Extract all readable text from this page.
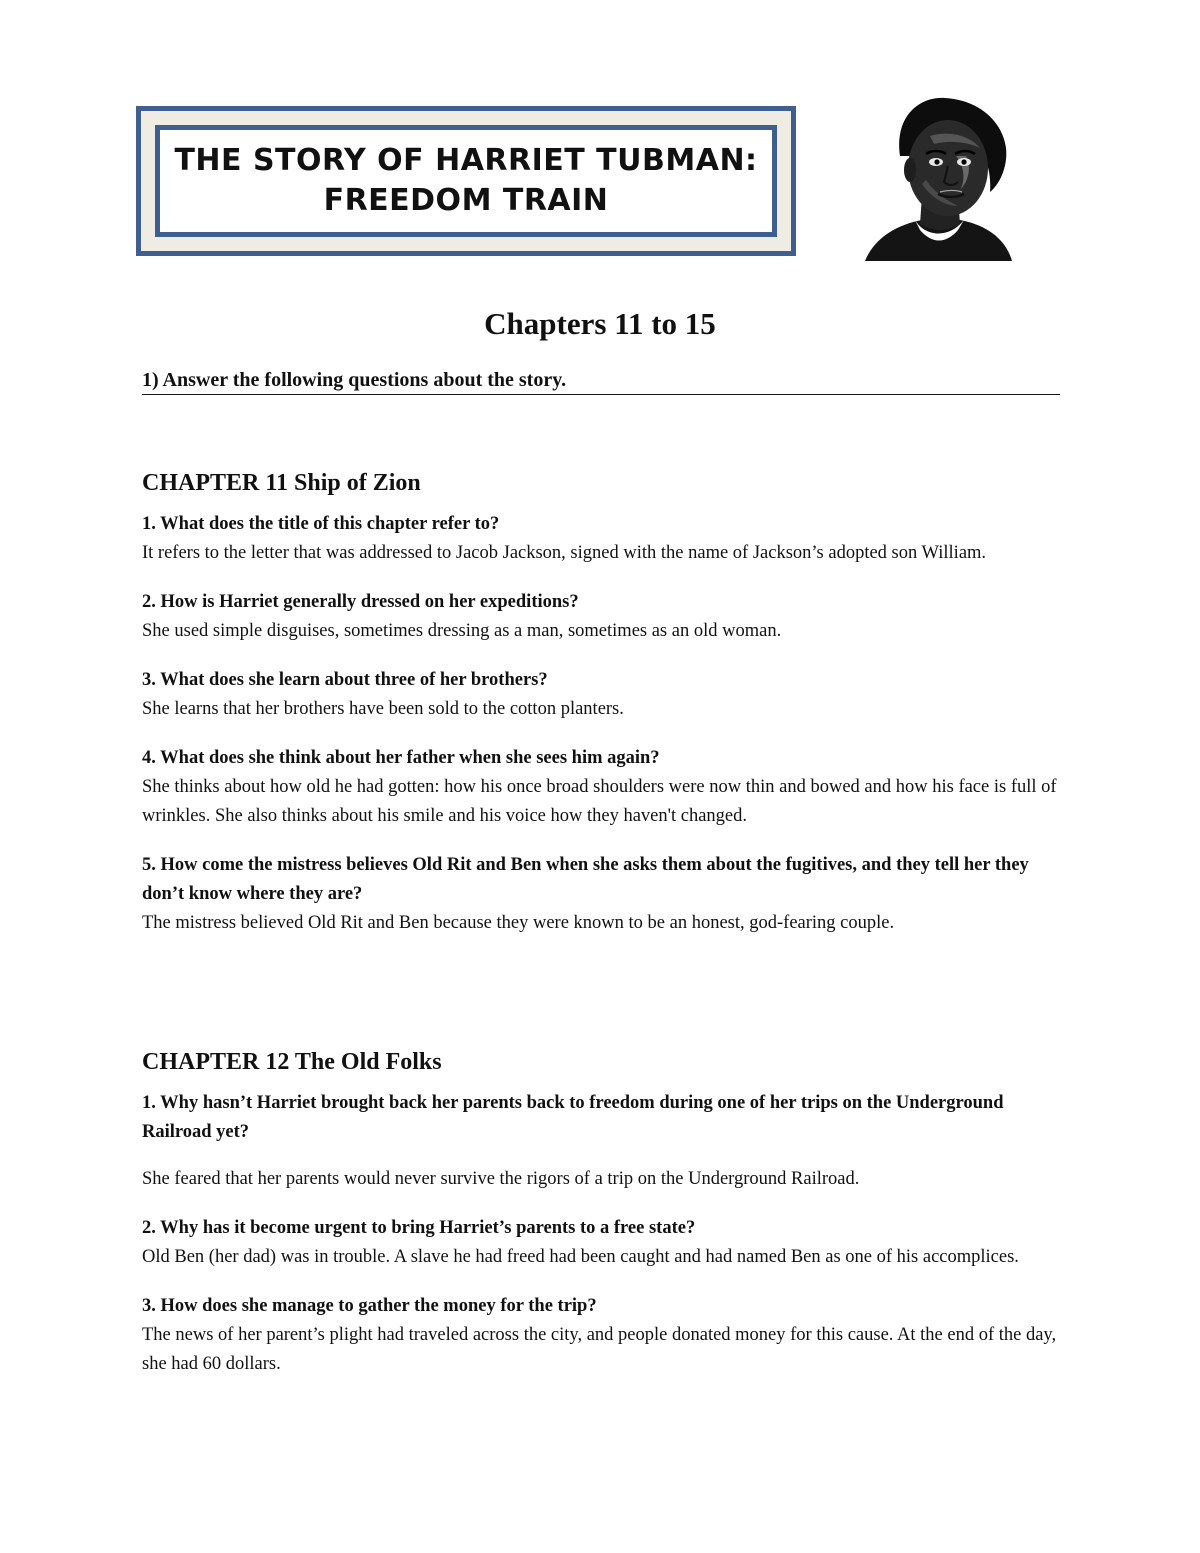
THE STORY OF HARRIET TUBMAN:
FREEDOM TRAIN
Chapters 11 to 15
1) Answer the following questions about the story.
CHAPTER 11 Ship of Zion
1. What does the title of this chapter refer to?
It refers to the letter that was addressed to Jacob Jackson, signed with the name of Jackson’s adopted son William.
2. How is Harriet generally dressed on her expeditions?
She used simple disguises, sometimes dressing as a man, sometimes as an old woman.
3. What does she learn about three of her brothers?
She learns that her brothers have been sold to the cotton planters.
4. What does she think about her father when she sees him again?
She thinks about how old he had gotten: how his once broad shoulders were now thin and bowed and how his face is full of wrinkles. She also thinks about his smile and his voice how they haven't changed.
5. How come the mistress believes Old Rit and Ben when she asks them about the fugitives, and they tell her they don’t know where they are?
The mistress believed Old Rit and Ben because they were known to be an honest, god-fearing couple.
CHAPTER 12 The Old Folks
1. Why hasn’t Harriet brought back her parents back to freedom during one of her trips on the Underground Railroad yet?
She feared that her parents would never survive the rigors of a trip on the Underground Railroad.
2. Why has it become urgent to bring Harriet’s parents to a free state?
Old Ben (her dad) was in trouble. A slave he had freed had been caught and had named Ben as one of his accomplices.
3. How does she manage to gather the money for the trip?
The news of her parent’s plight had traveled across the city, and people donated money for this cause. At the end of the day, she had 60 dollars.
